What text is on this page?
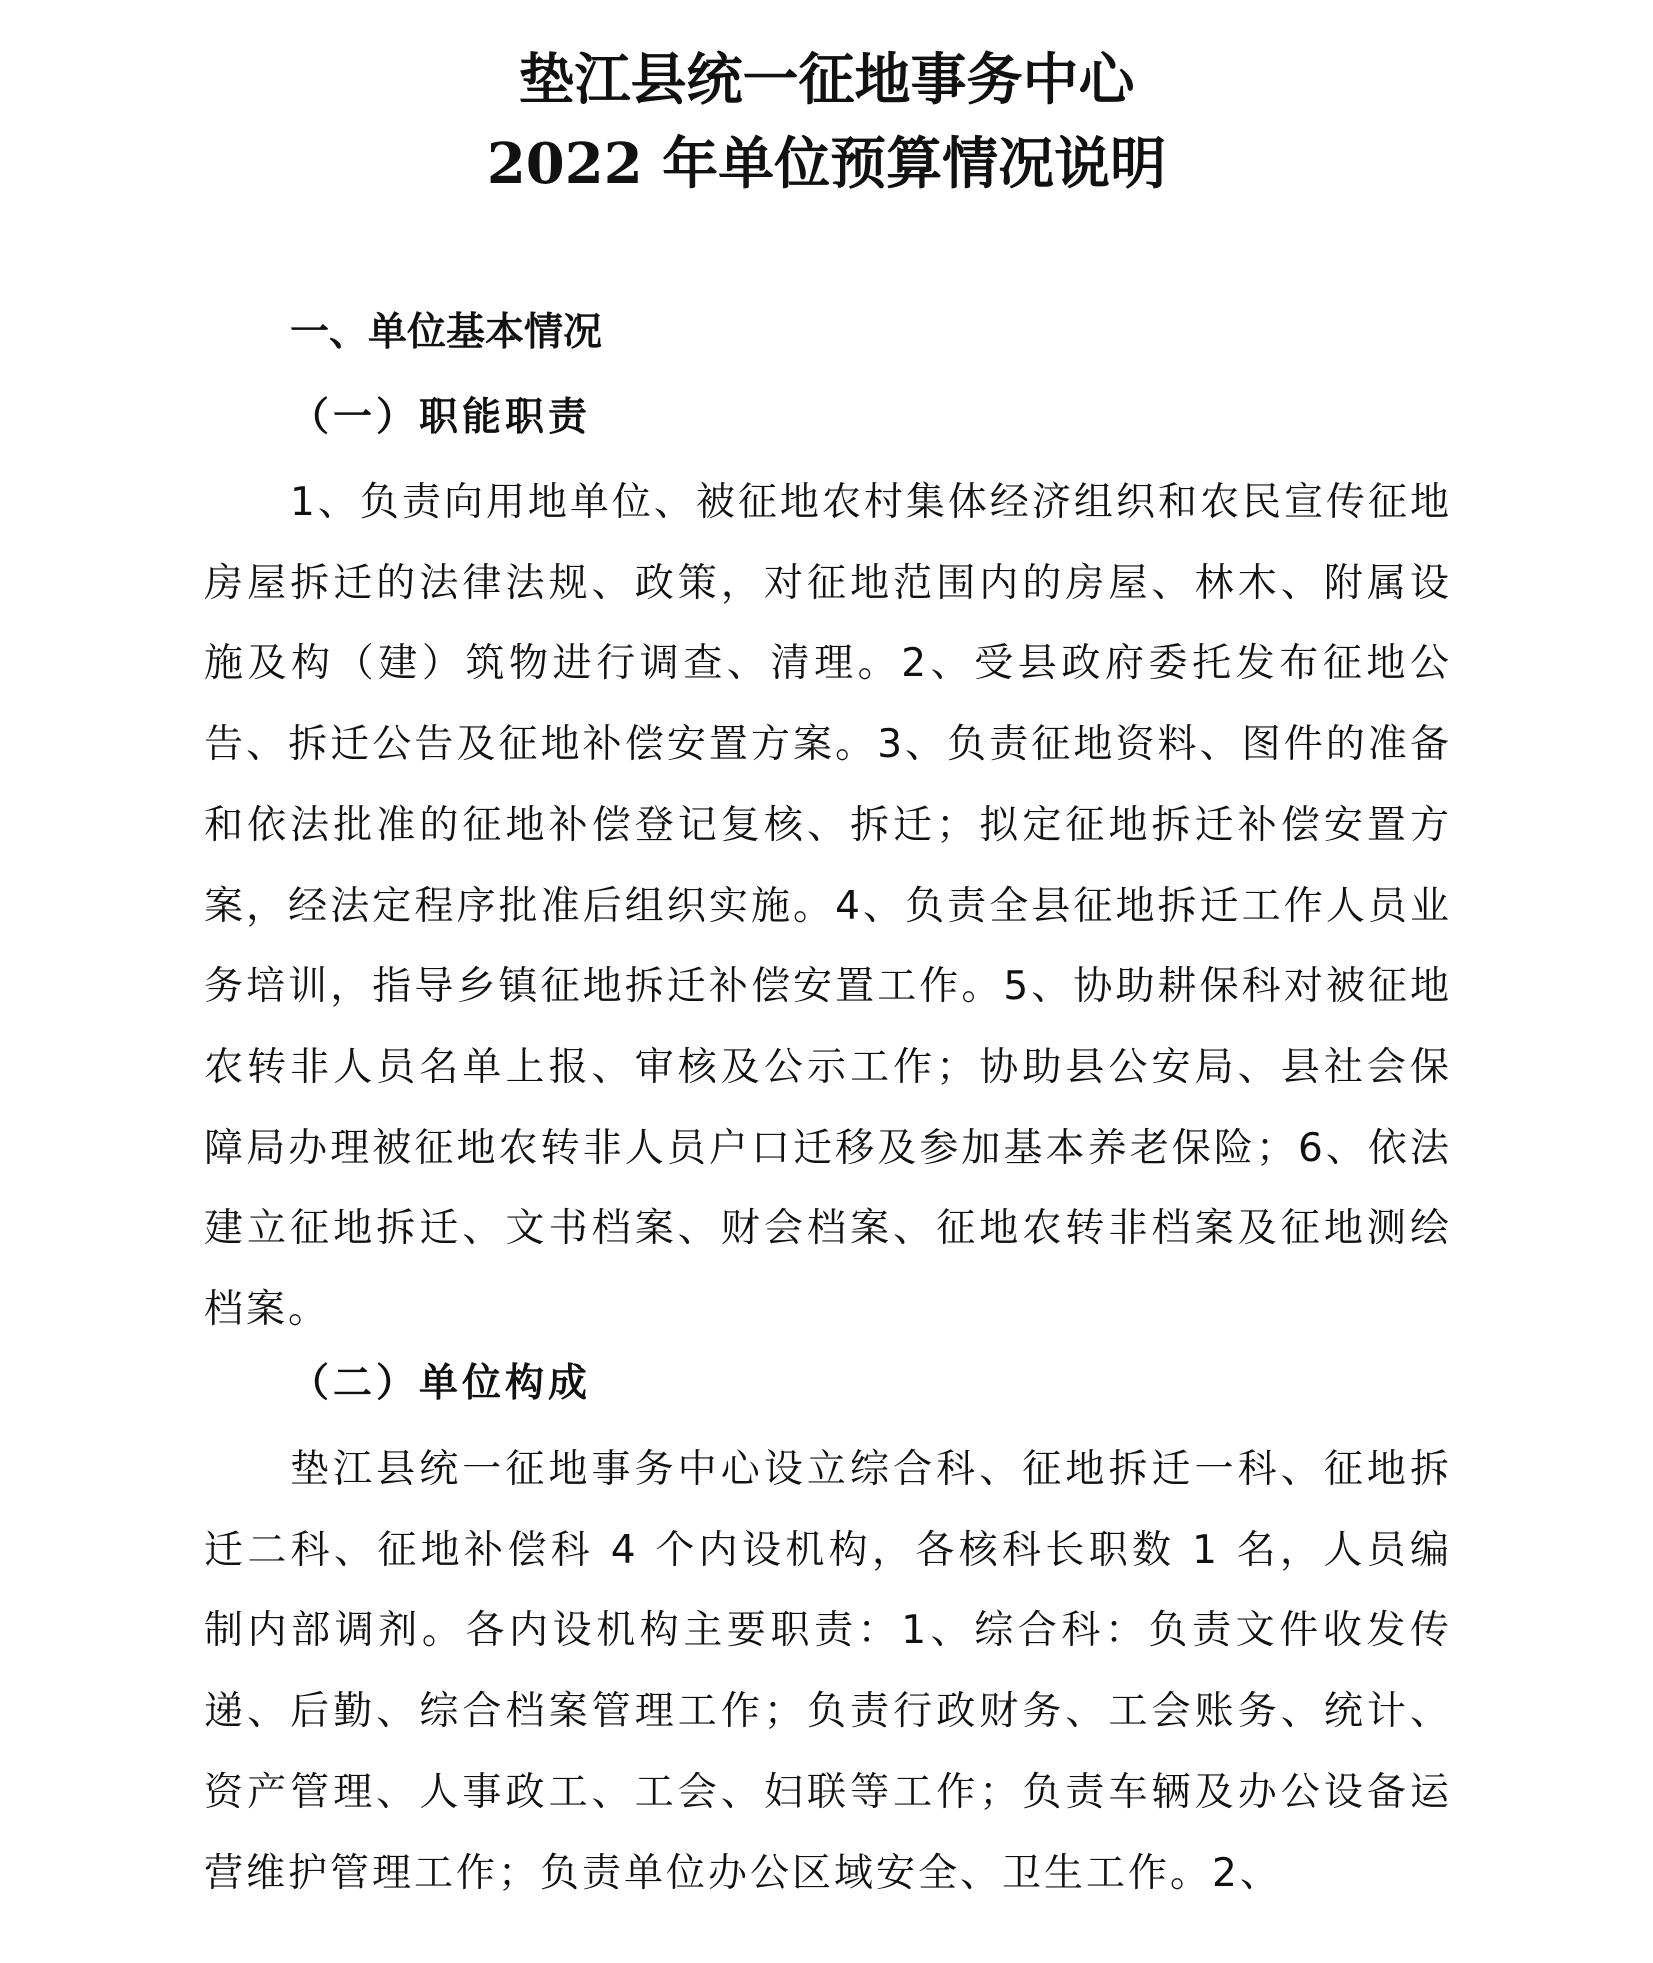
垫江县统一征地事务中心
2022 年单位预算情况说明
一、单位基本情况
（一）职能职责

1、负责向用地单位、被征地农村集体经济组织和农民宣传征地房屋拆迁的法律法规、政策，对征地范围内的房屋、林木、附属设施及构（建）筑物进行调查、清理。2、受县政府委托发布征地公告、拆迁公告及征地补偿安置方案。3、负责征地资料、图件的准备和依法批准的征地补偿登记复核、拆迁；拟定征地拆迁补偿安置方案，经法定程序批准后组织实施。4、负责全县征地拆迁工作人员业务培训，指导乡镇征地拆迁补偿安置工作。5、协助耕保科对被征地农转非人员名单上报、审核及公示工作；协助县公安局、县社会保障局办理被征地农转非人员户口迁移及参加基本养老保险；6、依法建立征地拆迁、文书档案、财会档案、征地农转非档案及征地测绘档案。

（二）单位构成

垫江县统一征地事务中心设立综合科、征地拆迁一科、征地拆迁二科、征地补偿科 4 个内设机构，各核科长职数 1 名，人员编制内部调剂。各内设机构主要职责：1、综合科：负责文件收发传递、后勤、综合档案管理工作；负责行政财务、工会账务、统计、资产管理、人事政工、工会、妇联等工作；负责车辆及办公设备运营维护管理工作；负责单位办公区域安全、卫生工作。2、
